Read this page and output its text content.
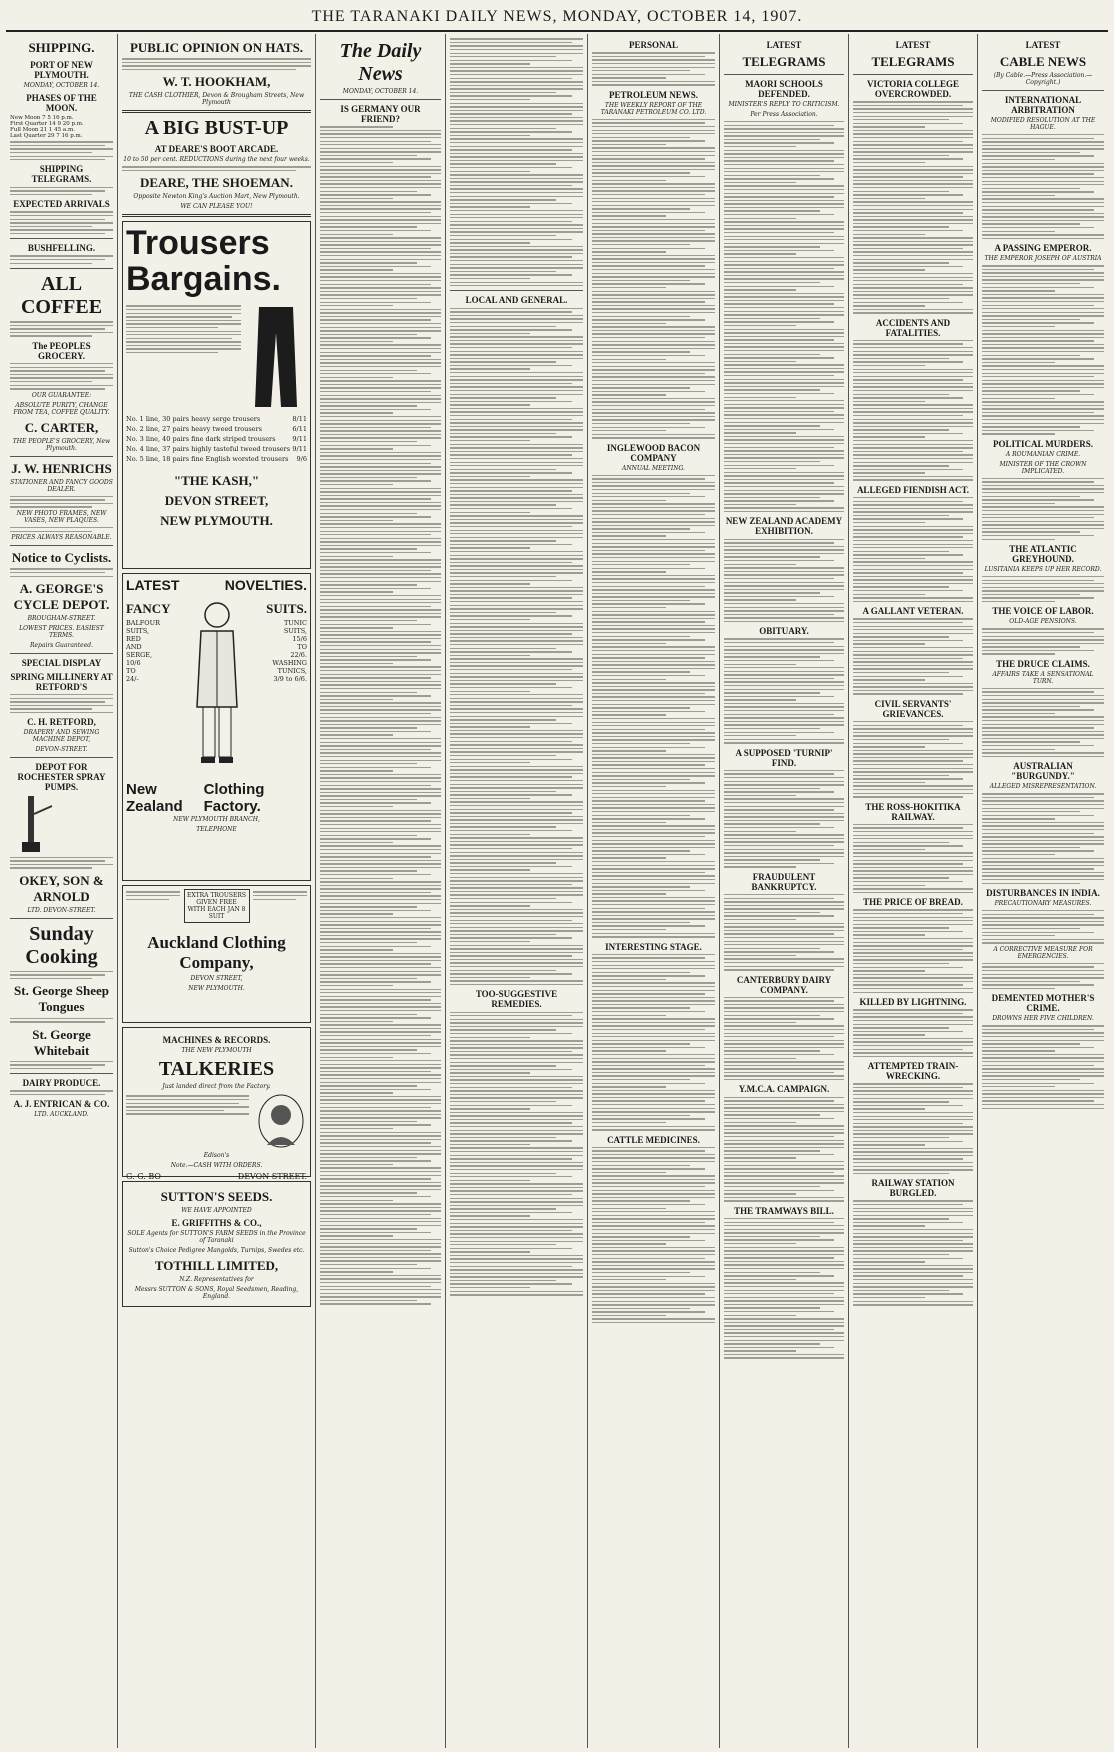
THE TARANAKI DAILY NEWS, MONDAY, OCTOBER 14, 1907.
SHIPPING.
PORT OF NEW PLYMOUTH.
MONDAY, OCTOBER 14.
PHASES OF THE MOON.
New Moon 7 5 16 p.m.
First Quarter 14 9 20 p.m.
Full Moon 21 1 45 a.m.
Last Quarter 29 7 16 p.m.
SHIPPING TELEGRAMS.
EXPECTED ARRIVALS
BUSHFELLING.
ALL COFFEE
The PEOPLES GROCERY.
OUR GUARANTEE:
ABSOLUTE PURITY, CHANGE FROM TEA, COFFEE QUALITY.
C. CARTER,
THE PEOPLE'S GROCERY, New Plymouth.
J. W. HENRICHS
STATIONER AND FANCY GOODS DEALER.
NEW PHOTO FRAMES, NEW VASES, NEW PLAQUES.
PRICES ALWAYS REASONABLE.
Notice to Cyclists.
A. GEORGE'S CYCLE DEPOT.
BROUGHAM-STREET.
LOWEST PRICES. EASIEST TERMS.
Repairs Guaranteed.
SPECIAL DISPLAY
SPRING MILLINERY AT RETFORD'S
C. H. RETFORD,
DRAPERY AND SEWING MACHINE DEPOT,
DEVON-STREET.
DEPOT FOR ROCHESTER SPRAY PUMPS.
OKEY, SON & ARNOLD
LTD. DEVON-STREET.
Sunday Cooking
St. George Sheep Tongues
St. George Whitebait
DAIRY PRODUCE.
A. J. ENTRICAN & CO.
LTD. AUCKLAND.
PUBLIC OPINION ON HATS.
W. T. HOOKHAM,
THE CASH CLOTHIER, Devon & Brougham Streets, New Plymouth
A BIG BUST-UP
AT DEARE'S BOOT ARCADE.
10 to 50 per cent. REDUCTIONS during the next four weeks.
DEARE, THE SHOEMAN.
Opposite Newton King's Auction Mart, New Plymouth.
WE CAN PLEASE YOU!
Trousers
Bargains.
No. 1 line, 30 pairs heavy serge trousers	8/11
No. 2 line, 27 pairs heavy tweed trousers	6/11
No. 3 line, 40 pairs fine dark striped trousers	9/11
No. 4 line, 37 pairs highly tasteful tweed trousers 9/11
No. 5 line, 18 pairs fine English worsted trousers 9/6
"THE KASH,"
DEVON STREET,
NEW PLYMOUTH.
LATEST	NOVELTIES.
FANCY
BALFOUR
SUITS,
RED
AND
SERGE,
10/6
TO
24/-
SUITS.
TUNIC SUITS,
15/6
TO
22/6.
WASHING TUNICS,
3/9 to 6/6.
New Zealand
Clothing Factory.
NEW PLYMOUTH BRANCH,
TELEPHONE
EXTRA TROUSERS GIVEN FREE WITH EACH JAN 8 SUIT
Auckland Clothing Company,
DEVON STREET,
NEW PLYMOUTH.
MACHINES & RECORDS.
THE NEW PLYMOUTH
TALKERIES
Just landed direct from the Factory.
Edison's
Note.—CASH WITH ORDERS.
G. G. BO	DEVON STREET.
SUTTON'S SEEDS.
WE HAVE APPOINTED
E. GRIFFITHS & CO.,
SOLE Agents for SUTTON'S FARM SEEDS in the Province of Taranaki
Sutton's Choice Pedigree Mangolds, Turnips, Swedes etc.
TOTHILL LIMITED,
N.Z. Representatives for
Messrs SUTTON & SONS, Royal Seedsmen, Reading, England.
The Daily News
MONDAY, OCTOBER 14.
IS GERMANY OUR FRIEND?
LOCAL AND GENERAL.
TOO-SUGGESTIVE REMEDIES.
PERSONAL
PETROLEUM NEWS.
THE WEEKLY REPORT OF THE TARANAKI PETROLEUM CO. LTD.
INGLEWOOD BACON COMPANY
ANNUAL MEETING.
INTERESTING STAGE.
CATTLE MEDICINES.
LATEST
TELEGRAMS
MAORI SCHOOLS DEFENDED.
MINISTER'S REPLY TO CRITICISM.
Per Press Association.
NEW ZEALAND ACADEMY EXHIBITION.
OBITUARY.
A SUPPOSED 'TURNIP' FIND.
FRAUDULENT BANKRUPTCY.
CANTERBURY DAIRY COMPANY.
Y.M.C.A. CAMPAIGN.
THE TRAMWAYS BILL.
LATEST
TELEGRAMS
VICTORIA COLLEGE OVERCROWDED.
ACCIDENTS AND FATALITIES.
ALLEGED FIENDISH ACT.
A GALLANT VETERAN.
CIVIL SERVANTS' GRIEVANCES.
THE ROSS-HOKITIKA RAILWAY.
THE PRICE OF BREAD.
KILLED BY LIGHTNING.
ATTEMPTED TRAIN-WRECKING.
RAILWAY STATION BURGLED.
LATEST
CABLE NEWS
(By Cable.—Press Association.—Copyright.)
INTERNATIONAL ARBITRATION
MODIFIED RESOLUTION AT THE HAGUE.
A PASSING EMPEROR.
THE EMPEROR JOSEPH OF AUSTRIA
POLITICAL MURDERS.
A ROUMANIAN CRIME.
MINISTER OF THE CROWN IMPLICATED.
THE ATLANTIC GREYHOUND.
LUSITANIA KEEPS UP HER RECORD.
THE VOICE OF LABOR.
OLD-AGE PENSIONS.
THE DRUCE CLAIMS.
AFFAIRS TAKE A SENSATIONAL TURN.
AUSTRALIAN "BURGUNDY."
ALLEGED MISREPRESENTATION.
DISTURBANCES IN INDIA.
PRECAUTIONARY MEASURES.
A CORRECTIVE MEASURE FOR EMERGENCIES.
DEMENTED MOTHER'S CRIME.
DROWNS HER FIVE CHILDREN.
